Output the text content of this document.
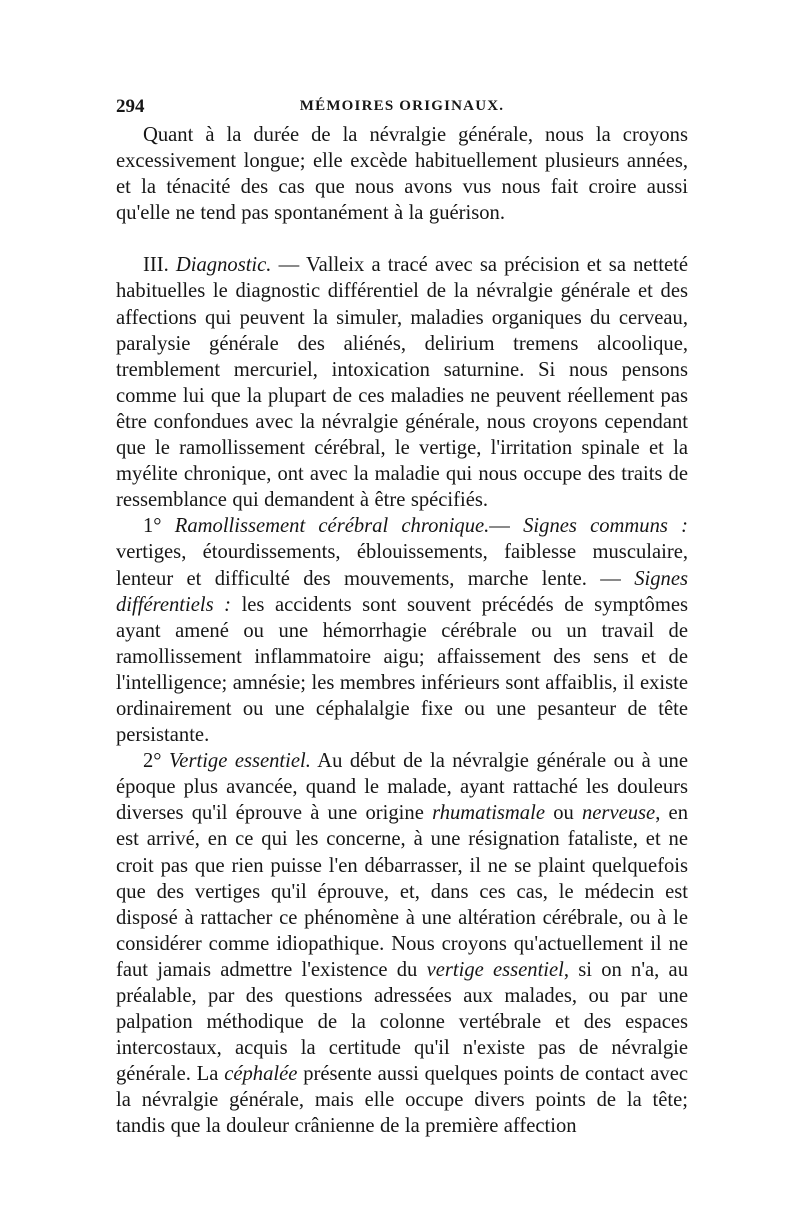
294	MÉMOIRES ORIGINAUX.

Quant à la durée de la névralgie générale, nous la croyons excessivement longue; elle excède habituellement plusieurs années, et la ténacité des cas que nous avons vus nous fait croire aussi qu'elle ne tend pas spontanément à la guérison.

III. Diagnostic. — Valleix a tracé avec sa précision et sa netteté habituelles le diagnostic différentiel de la névralgie générale et des affections qui peuvent la simuler, maladies organiques du cerveau, paralysie générale des aliénés, delirium tremens alcoolique, tremblement mercuriel, intoxication saturnine. Si nous pensons comme lui que la plupart de ces maladies ne peuvent réellement pas être confondues avec la névralgie générale, nous croyons cependant que le ramollissement cérébral, le vertige, l'irritation spinale et la myélite chronique, ont avec la maladie qui nous occupe des traits de ressemblance qui demandent à être spécifiés.

1° Ramollissement cérébral chronique.— Signes communs : vertiges, étourdissements, éblouissements, faiblesse musculaire, lenteur et difficulté des mouvements, marche lente. — Signes différentiels : les accidents sont souvent précédés de symptômes ayant amené ou une hémorrhagie cérébrale ou un travail de ramollissement inflammatoire aigu; affaissement des sens et de l'intelligence; amnésie; les membres inférieurs sont affaiblis, il existe ordinairement ou une céphalalgie fixe ou une pesanteur de tête persistante.

2° Vertige essentiel. Au début de la névralgie générale ou à une époque plus avancée, quand le malade, ayant rattaché les douleurs diverses qu'il éprouve à une origine rhumatismale ou nerveuse, en est arrivé, en ce qui les concerne, à une résignation fataliste, et ne croit pas que rien puisse l'en débarrasser, il ne se plaint quelquefois que des vertiges qu'il éprouve, et, dans ces cas, le médecin est disposé à rattacher ce phénomène à une altération cérébrale, ou à le considérer comme idiopathique. Nous croyons qu'actuellement il ne faut jamais admettre l'existence du vertige essentiel, si on n'a, au préalable, par des questions adressées aux malades, ou par une palpation méthodique de la colonne vertébrale et des espaces intercostaux, acquis la certitude qu'il n'existe pas de névralgie générale. La céphalée présente aussi quelques points de contact avec la névralgie générale, mais elle occupe divers points de la tête; tandis que la douleur crânienne de la première affection
